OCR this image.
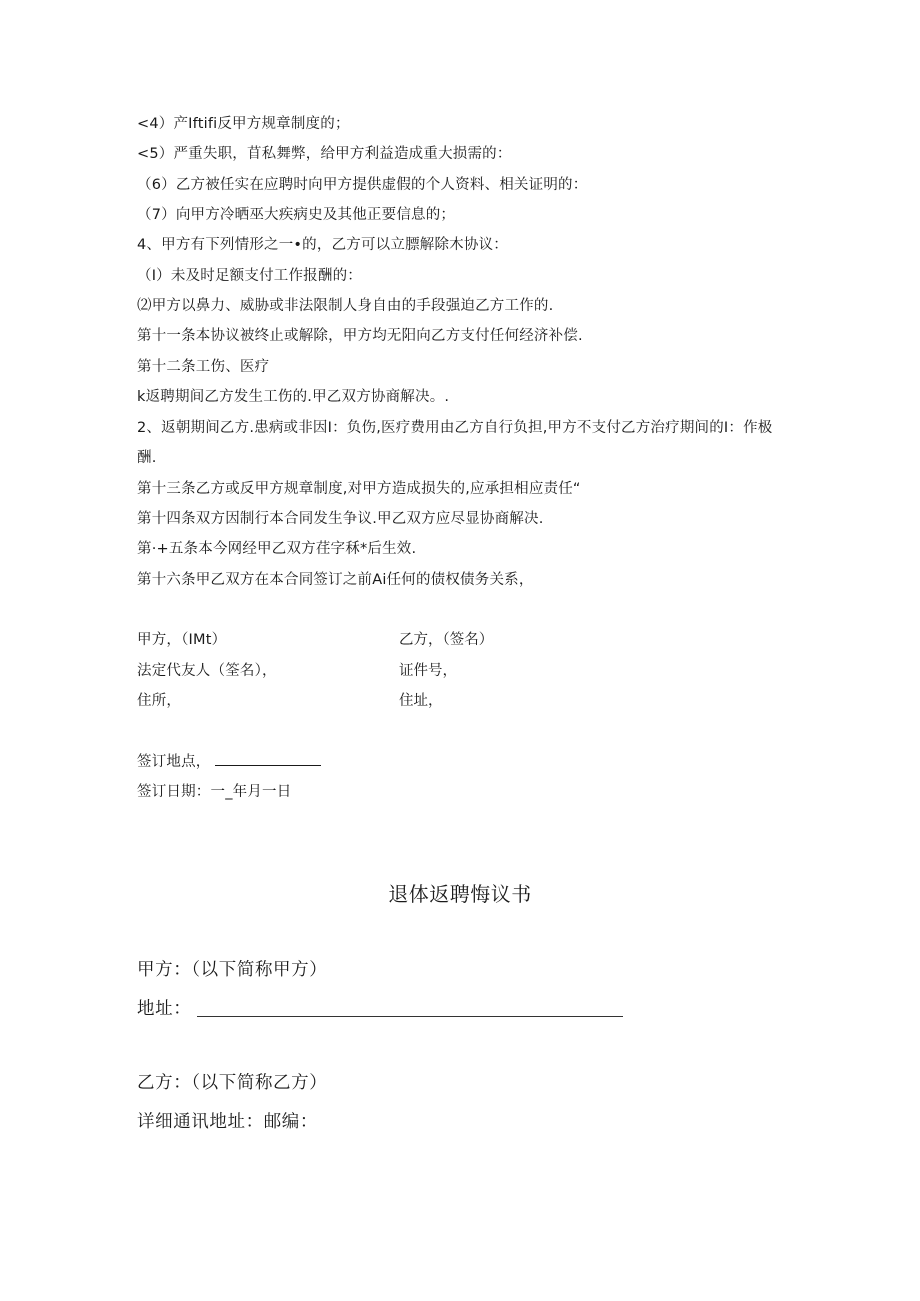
<4）产Iftifi反甲方规章制度的；
<5）严重失职，苜私舞弊，给甲方利益造成重大损需的：
（6）乙方被任实在应聘时向甲方提供虚假的个人资料、相关证明的：
（7）向甲方冷晒巫大疾病史及其他正要信息的；
4、甲方有下列情形之一•的，乙方可以立膘解除木协议：
（I）未及时足额支付工作报酬的：
⑵甲方以鼻力、威胁或非法限制人身自由的手段强迫乙方工作的.
第十一条本协议被终止或解除，甲方均无阳向乙方支付任何经济补偿.
第十二条工伤、医疗
k返聘期间乙方发生工伤的.甲乙双方协商解决。.
2、返朝期间乙方.患病或非因I：负伤,医疗费用由乙方自行负担,甲方不支付乙方治疗期间的I：作极
酬.
第十三条乙方或反甲方规章制度,对甲方造成损失的,应承担相应责任“
第十四条双方因制行本合同发生争议.甲乙双方应尽显协商解决.
第·+五条本今网经甲乙双方荏字秝*后生效.
第十六条甲乙双方在本合同签订之前Ai任何的债权债务关系，
甲方，（IMt）
法定代友人（筌名），
住所，
乙方，（签名）
证件号，
住址，
签订地点，
签订日期：一_年月一日
退体返聘悔议书
甲方：（以下简称甲方）
地址：
乙方：（以下简称乙方）
详细通讯地址：邮编：
